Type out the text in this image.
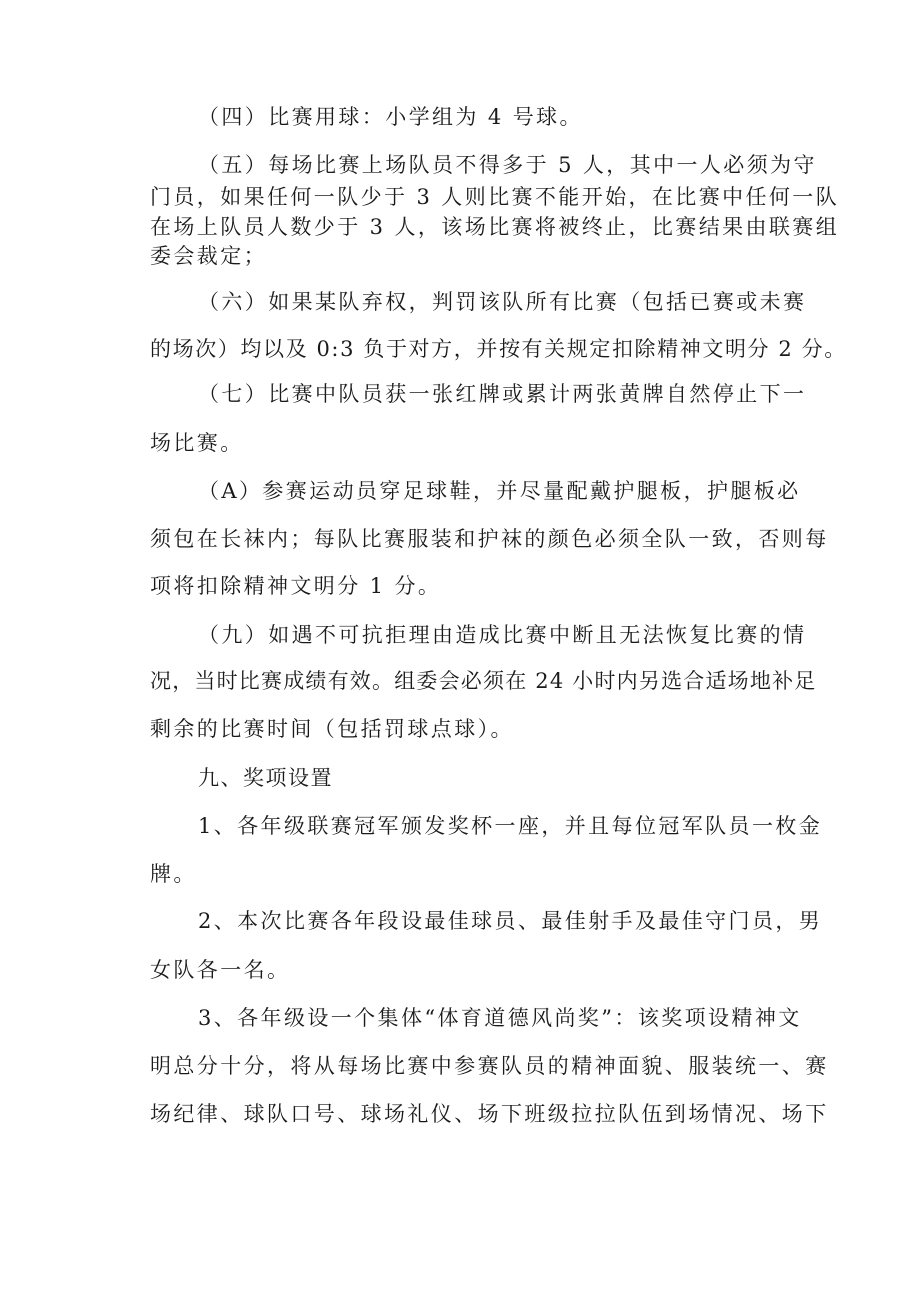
（四）比赛用球：小学组为 4 号球。
（五）每场比赛上场队员不得多于 5 人，其中一人必须为守
门员，如果任何一队少于 3 人则比赛不能开始，在比赛中任何一队
在场上队员人数少于 3 人，该场比赛将被终止，比赛结果由联赛组
委会裁定；
（六）如果某队弃权，判罚该队所有比赛（包括已赛或未赛
的场次）均以及 0:3 负于对方，并按有关规定扣除精神文明分 2 分。
（七）比赛中队员获一张红牌或累计两张黄牌自然停止下一
场比赛。
（A）参赛运动员穿足球鞋，并尽量配戴护腿板，护腿板必
须包在长袜内；每队比赛服装和护袜的颜色必须全队一致，否则每
项将扣除精神文明分 1 分。
（九）如遇不可抗拒理由造成比赛中断且无法恢复比赛的情
况，当时比赛成绩有效。组委会必须在 24 小时内另选合适场地补足
剩余的比赛时间（包括罚球点球）。
九、奖项设置
1、各年级联赛冠军颁发奖杯一座，并且每位冠军队员一枚金
牌。
2、本次比赛各年段设最佳球员、最佳射手及最佳守门员，男
女队各一名。
3、各年级设一个集体“体育道德风尚奖”：该奖项设精神文
明总分十分，将从每场比赛中参赛队员的精神面貌、服装统一、赛
场纪律、球队口号、球场礼仪、场下班级拉拉队伍到场情况、场下
